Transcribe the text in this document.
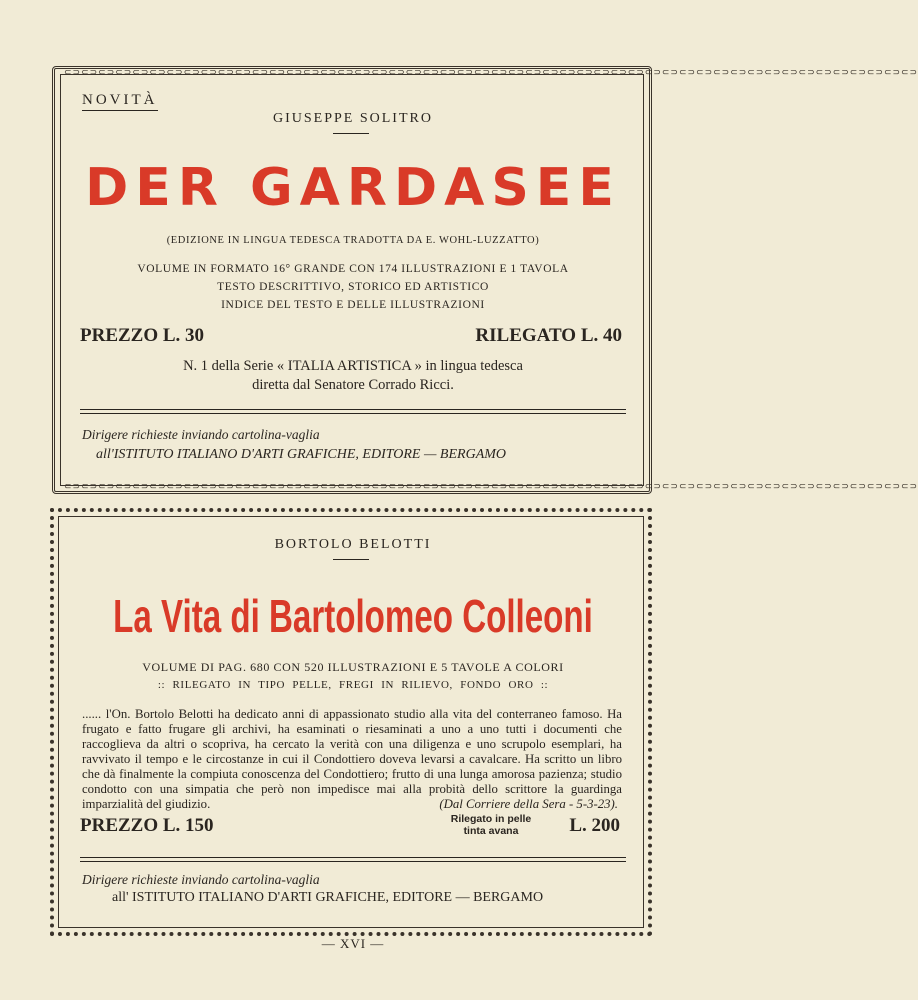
⊂⊃⊂⊃⊂⊃⊂⊃⊂⊃⊂⊃⊂⊃⊂⊃⊂⊃⊂⊃⊂⊃⊂⊃⊂⊃⊂⊃⊂⊃⊂⊃⊂⊃⊂⊃⊂⊃⊂⊃⊂⊃⊂⊃⊂⊃⊂⊃⊂⊃⊂⊃⊂⊃⊂⊃⊂⊃⊂⊃⊂⊃⊂⊃⊂⊃⊂⊃⊂⊃⊂⊃⊂⊃⊂⊃⊂⊃⊂⊃⊂⊃⊂⊃⊂⊃⊂⊃⊂⊃⊂⊃⊂⊃⊂⊃⊂⊃⊂⊃
⊂⊃⊂⊃⊂⊃⊂⊃⊂⊃⊂⊃⊂⊃⊂⊃⊂⊃⊂⊃⊂⊃⊂⊃⊂⊃⊂⊃⊂⊃⊂⊃⊂⊃⊂⊃⊂⊃⊂⊃⊂⊃⊂⊃⊂⊃⊂⊃⊂⊃⊂⊃⊂⊃⊂⊃⊂⊃⊂⊃⊂⊃⊂⊃⊂⊃⊂⊃⊂⊃⊂⊃⊂⊃⊂⊃⊂⊃⊂⊃⊂⊃⊂⊃⊂⊃⊂⊃⊂⊃⊂⊃⊂⊃⊂⊃⊂⊃⊂⊃
NOVITÀ
GIUSEPPE SOLITRO
DER GARDASEE
(EDIZIONE IN LINGUA TEDESCA TRADOTTA DA E. WOHL-LUZZATTO)
VOLUME IN FORMATO 16° GRANDE CON 174 ILLUSTRAZIONI E 1 TAVOLA
TESTO DESCRITTIVO, STORICO ED ARTISTICO
INDICE DEL TESTO E DELLE ILLUSTRAZIONI
PREZZO L. 30	RILEGATO L. 40
N. 1 della Serie « ITALIA ARTISTICA » in lingua tedesca
diretta dal Senatore Corrado Ricci.
Dirigere richieste inviando cartolina-vaglia
all'ISTITUTO ITALIANO D'ARTI GRAFICHE, EDITORE — BERGAMO
BORTOLO BELOTTI
La Vita di Bartolomeo Colleoni
VOLUME DI PAG. 680 CON 520 ILLUSTRAZIONI E 5 TAVOLE A COLORI
:: RILEGATO IN TIPO PELLE, FREGI IN RILIEVO, FONDO ORO ::
...... l'On. Bortolo Belotti ha dedicato anni di appassionato studio alla vita del conterraneo famoso. Ha frugato e fatto frugare gli archivi, ha esaminati o riesaminati a uno a uno tutti i documenti che raccoglieva da altri o scopriva, ha cercato la verità con una diligenza e uno scrupolo esemplari, ha ravvivato il tempo e le circostanze in cui il Condottiero doveva levarsi a cavalcare. Ha scritto un libro che dà finalmente la compiuta conoscenza del Condottiero; frutto di una lunga amorosa pazienza; studio condotto con una simpatia che però non impedisce mai alla probità dello scrittore la guardinga imparzialità del giudizio.	(Dal Corriere della Sera - 5-3-23).
PREZZO L. 150	Rilegato in pelle
tinta avana	L. 200
Dirigere richieste inviando cartolina-vaglia
all' ISTITUTO ITALIANO D'ARTI GRAFICHE, EDITORE — BERGAMO
— XVI —
